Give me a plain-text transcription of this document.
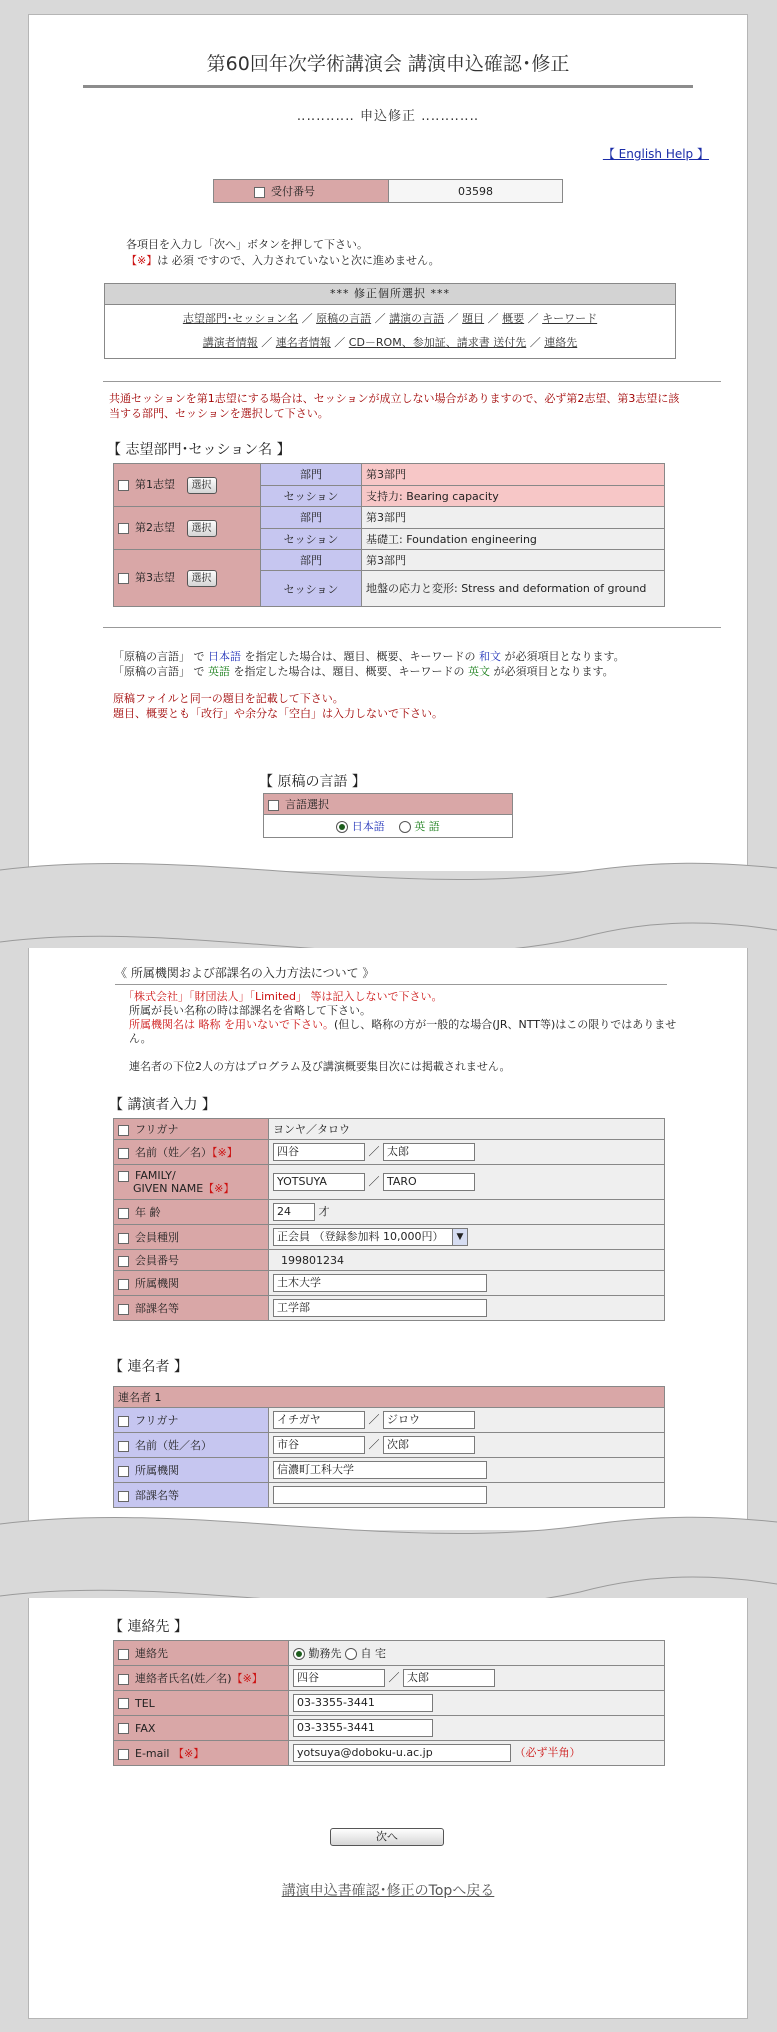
第60回年次学術講演会 講演申込確認･修正
‥‥‥‥‥‥ 申込修正 ‥‥‥‥‥‥
【 English Help 】
受付番号	03598
各項目を入力し「次へ」ボタンを押して下さい。
【※】は 必須 ですので、入力されていないと次に進めません。
*** 修正個所選択 ***
志望部門･セッション名 ／ 原稿の言語 ／ 講演の言語 ／ 題目 ／ 概要 ／ キーワード
講演者情報 ／ 連名者情報 ／ CD－ROM、参加証、請求書 送付先 ／ 連絡先
共通セッションを第1志望にする場合は、セッションが成立しない場合がありますので、必ず第2志望、第3志望に該当する部門、セッションを選択して下さい。
【 志望部門･セッション名 】
第1志望 選択	部門	第3部門
	セッション	支持力: Bearing capacity
第2志望 選択	部門	第3部門
	セッション	基礎工: Foundation engineering
第3志望 選択	部門	第3部門
	セッション	地盤の応力と変形: Stress and deformation of ground
「原稿の言語」 で 日本語 を指定した場合は、題目、概要、キーワードの 和文 が必須項目となります。
「原稿の言語」 で 英語 を指定した場合は、題目、概要、キーワードの 英文 が必須項目となります。
原稿ファイルと同一の題目を記載して下さい。
題目、概要とも「改行」や余分な「空白」は入力しないで下さい。
【 原稿の言語 】
言語選択
日本語	英 語
《 所属機関および部課名の入力方法について 》
「株式会社」「財団法人」「Limited」 等は記入しないで下さい。
所属が長い名称の時は部課名を省略して下さい。
所属機関名は 略称 を用いないで下さい。(但し、略称の方が一般的な場合(JR、NTT等)はこの限りではありません。
連名者の下位2人の方はプログラム及び講演概要集目次には掲載されません。
【 講演者入力 】
フリガナ	ヨンヤ／タロウ
名前（姓／名）【※】	四谷 ／ 太郎
FAMILY/
GIVEN NAME【※】	YOTSUYA ／ TARO
年 齢	24 才
会員種別	正会員 （登録参加料 10,000円） ▼

会員番号	199801234
所属機関	土木大学
部課名等	工学部
【 連名者 】
連名者 1	
フリガナ	イチガヤ ／ ジロウ
名前（姓／名）	市谷 ／ 次郎
所属機関	信濃町工科大学
部課名等	
【 連絡先 】
連絡先	勤務先 自 宅
連絡者氏名(姓／名)【※】	四谷 ／ 太郎
TEL	03-3355-3441
FAX	03-3355-3441
E-mail 【※】	yotsuya@doboku-u.ac.jp （必ず半角）
次へ
講演申込書確認･修正のTopへ戻る
